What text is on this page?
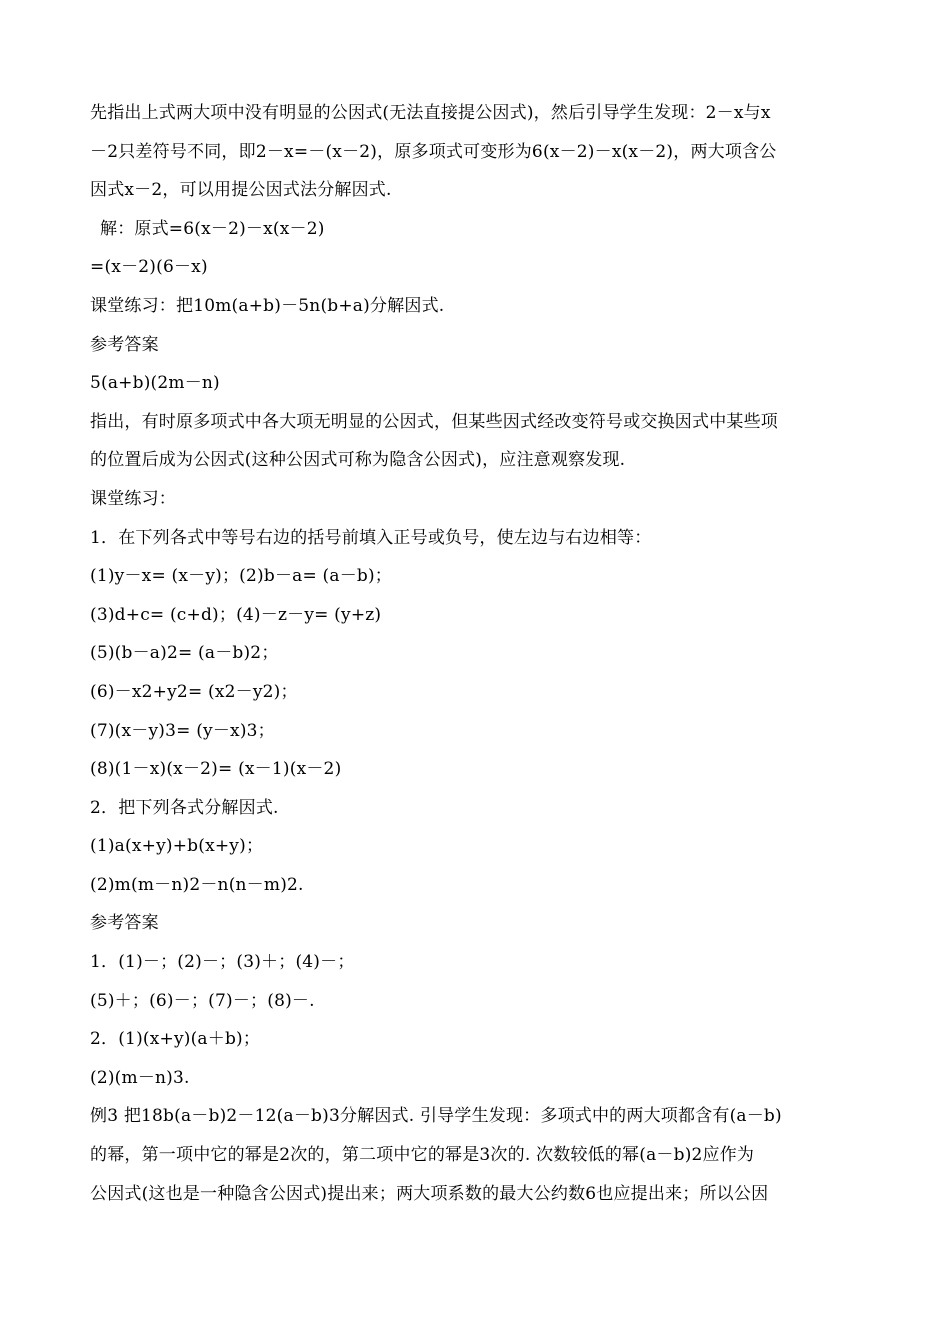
先指出上式两大项中没有明显的公因式(无法直接提公因式)，然后引导学生发现：2－x与x
－2只差符号不同，即2－x=－(x－2)，原多项式可变形为6(x－2)－x(x－2)，两大项含公
因式x－2，可以用提公因式法分解因式.
解：原式=6(x－2)－x(x－2)
=(x－2)(6－x)
课堂练习：把10m(a+b)－5n(b+a)分解因式.
参考答案
5(a+b)(2m－n)
指出，有时原多项式中各大项无明显的公因式，但某些因式经改变符号或交换因式中某些项
的位置后成为公因式(这种公因式可称为隐含公因式)，应注意观察发现.
课堂练习：
1．在下列各式中等号右边的括号前填入正号或负号，使左边与右边相等：
(1)y－x= (x－y)；(2)b－a= (a－b)；
(3)d+c= (c+d)；(4)－z－y= (y+z)
(5)(b－a)2= (a－b)2；
(6)－x2+y2= (x2－y2)；
(7)(x－y)3= (y－x)3；
(8)(1－x)(x－2)= (x－1)(x－2)
2．把下列各式分解因式.
(1)a(x+y)+b(x+y)；
(2)m(m－n)2－n(n－m)2.
参考答案
1．(1)－；(2)－；(3)＋；(4)－；
(5)＋；(6)－；(7)－；(8)－.
2．(1)(x+y)(a＋b)；
(2)(m－n)3.
例3 把18b(a－b)2－12(a－b)3分解因式. 引导学生发现：多项式中的两大项都含有(a－b)
的幂，第一项中它的幂是2次的，第二项中它的幂是3次的. 次数较低的幂(a－b)2应作为
公因式(这也是一种隐含公因式)提出来；两大项系数的最大公约数6也应提出来；所以公因
